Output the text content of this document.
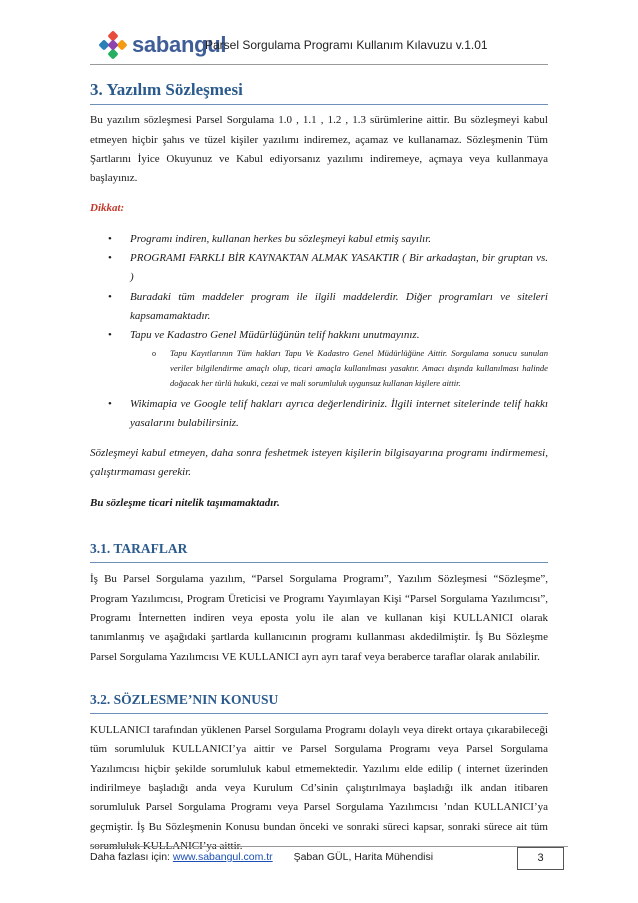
sabangul
Parsel Sorgulama Programı Kullanım Kılavuzu v.1.01
3. Yazılım Sözleşmesi

Bu yazılım sözleşmesi Parsel Sorgulama 1.0 , 1.1 , 1.2 , 1.3 sürümlerine aittir. Bu sözleşmeyi kabul etmeyen hiçbir şahıs ve tüzel kişiler yazılımı indiremez, açamaz ve kullanamaz. Sözleşmenin Tüm Şartlarını İyice Okuyunuz ve Kabul ediyorsanız yazılımı indiremeye, açmaya veya kullanmaya başlayınız.

Dikkat:

• Programı indiren, kullanan herkes bu sözleşmeyi kabul etmiş sayılır.
• PROGRAMI FARKLI BİR KAYNAKTAN ALMAK YASAKTIR ( Bir arkadaştan, bir gruptan vs. )
• Buradaki tüm maddeler program ile ilgili maddelerdir. Diğer programları ve siteleri kapsamamaktadır.
• Tapu ve Kadastro Genel Müdürlüğünün telif hakkını unutmayınız.
o Tapu Kayıtlarının Tüm hakları Tapu Ve Kadastro Genel Müdürlüğüne Aittir. Sorgulama sonucu sunulan veriler bilgilendirme amaçlı olup, ticari amaçla kullanılması yasaktır. Amacı dışında kullanılması halinde doğacak her türlü hukuki, cezai ve mali sorumluluk uygunsuz kullanan kişilere aittir.
• Wikimapia ve Google telif hakları ayrıca değerlendiriniz. İlgili internet sitelerinde telif hakkı yasalarını bulabilirsiniz.

Sözleşmeyi kabul etmeyen, daha sonra feshetmek isteyen kişilerin bilgisayarına programı indirmemesi, çalıştırmaması gerekir.

Bu sözleşme ticari nitelik taşımamaktadır.

3.1. TARAFLAR

İş Bu Parsel Sorgulama yazılım, “Parsel Sorgulama Programı”, Yazılım Sözleşmesi “Sözleşme”, Program Yazılımcısı, Program Üreticisi ve Programı Yayımlayan Kişi “Parsel Sorgulama Yazılımcısı”, Programı İnternetten indiren veya eposta yolu ile alan ve kullanan kişi KULLANICI olarak tanımlanmış ve aşağıdaki şartlarda kullanıcının programı kullanması akdedilmiştir. İş Bu Sözleşme Parsel Sorgulama Yazılımcısı VE KULLANICI ayrı ayrı taraf veya beraberce taraflar olarak anılabilir.

3.2. SÖZLESME’NIN KONUSU

KULLANICI tarafından yüklenen Parsel Sorgulama Programı dolaylı veya direkt ortaya çıkarabileceği tüm sorumluluk KULLANICI’ya aittir ve Parsel Sorgulama Programı veya Parsel Sorgulama Yazılımcısı hiçbir şekilde sorumluluk kabul etmemektedir. Yazılımı elde edilip ( internet üzerinden indirilmeye başladığı anda veya Kurulum Cd’sinin çalıştırılmaya başladığı ilk andan itibaren sorumluluk Parsel Sorgulama Programı veya Parsel Sorgulama Yazılımcısı ’ndan KULLANICI’ya geçmiştir. İş Bu Sözleşmenin Konusu bundan önceki ve sonraki süreci kapsar, sonraki sürece ait tüm sorumluluk KULLANICI’ya aittir.

Daha fazlası için: www.sabangul.com.tr Şaban GÜL, Harita Mühendisi	3
